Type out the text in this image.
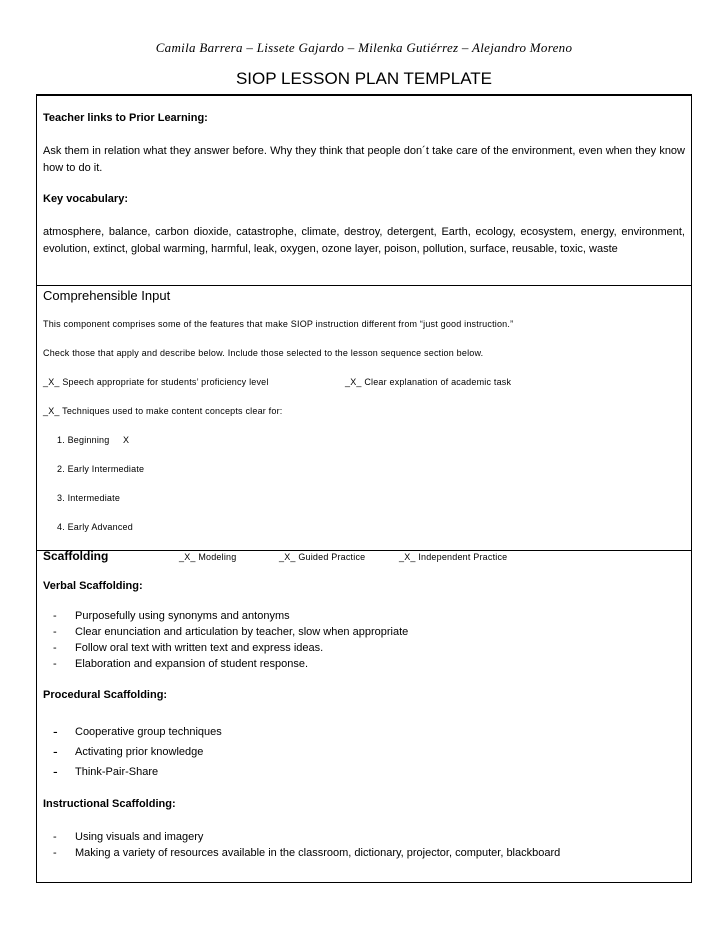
Camila Barrera – Lissete Gajardo – Milenka Gutiérrez – Alejandro Moreno
SIOP LESSON PLAN TEMPLATE
Teacher links to Prior Learning:
Ask them in relation what they answer before. Why they think that people don´t take care of the environment, even when they know how to do it.
Key vocabulary:
atmosphere, balance, carbon dioxide, catastrophe, climate, destroy, detergent, Earth, ecology, ecosystem, energy, environment, evolution, extinct, global warming, harmful, leak, oxygen, ozone layer, poison, pollution, surface, reusable, toxic, waste
Comprehensible Input
This component comprises some of the features that make SIOP instruction different from “just good instruction.”
Check those that apply and describe below. Include those selected to the lesson sequence section below.
_X_ Speech appropriate for students’ proficiency level	_X_ Clear explanation of academic task
_X_ Techniques used to make content concepts clear for:
1. Beginning     X
2. Early Intermediate
3. Intermediate
4. Early Advanced
Scaffolding	_X_ Modeling	_X_ Guided Practice	_X_ Independent Practice
Verbal Scaffolding:
- Purposefully using synonyms and antonyms
- Clear enunciation and articulation by teacher, slow when appropriate
- Follow oral text with written text and express ideas.
- Elaboration and expansion of student response.
Procedural Scaffolding:
- Cooperative group techniques
- Activating prior knowledge
- Think-Pair-Share
Instructional Scaffolding:
- Using visuals and imagery
- Making a variety of resources available in the classroom, dictionary, projector, computer, blackboard
